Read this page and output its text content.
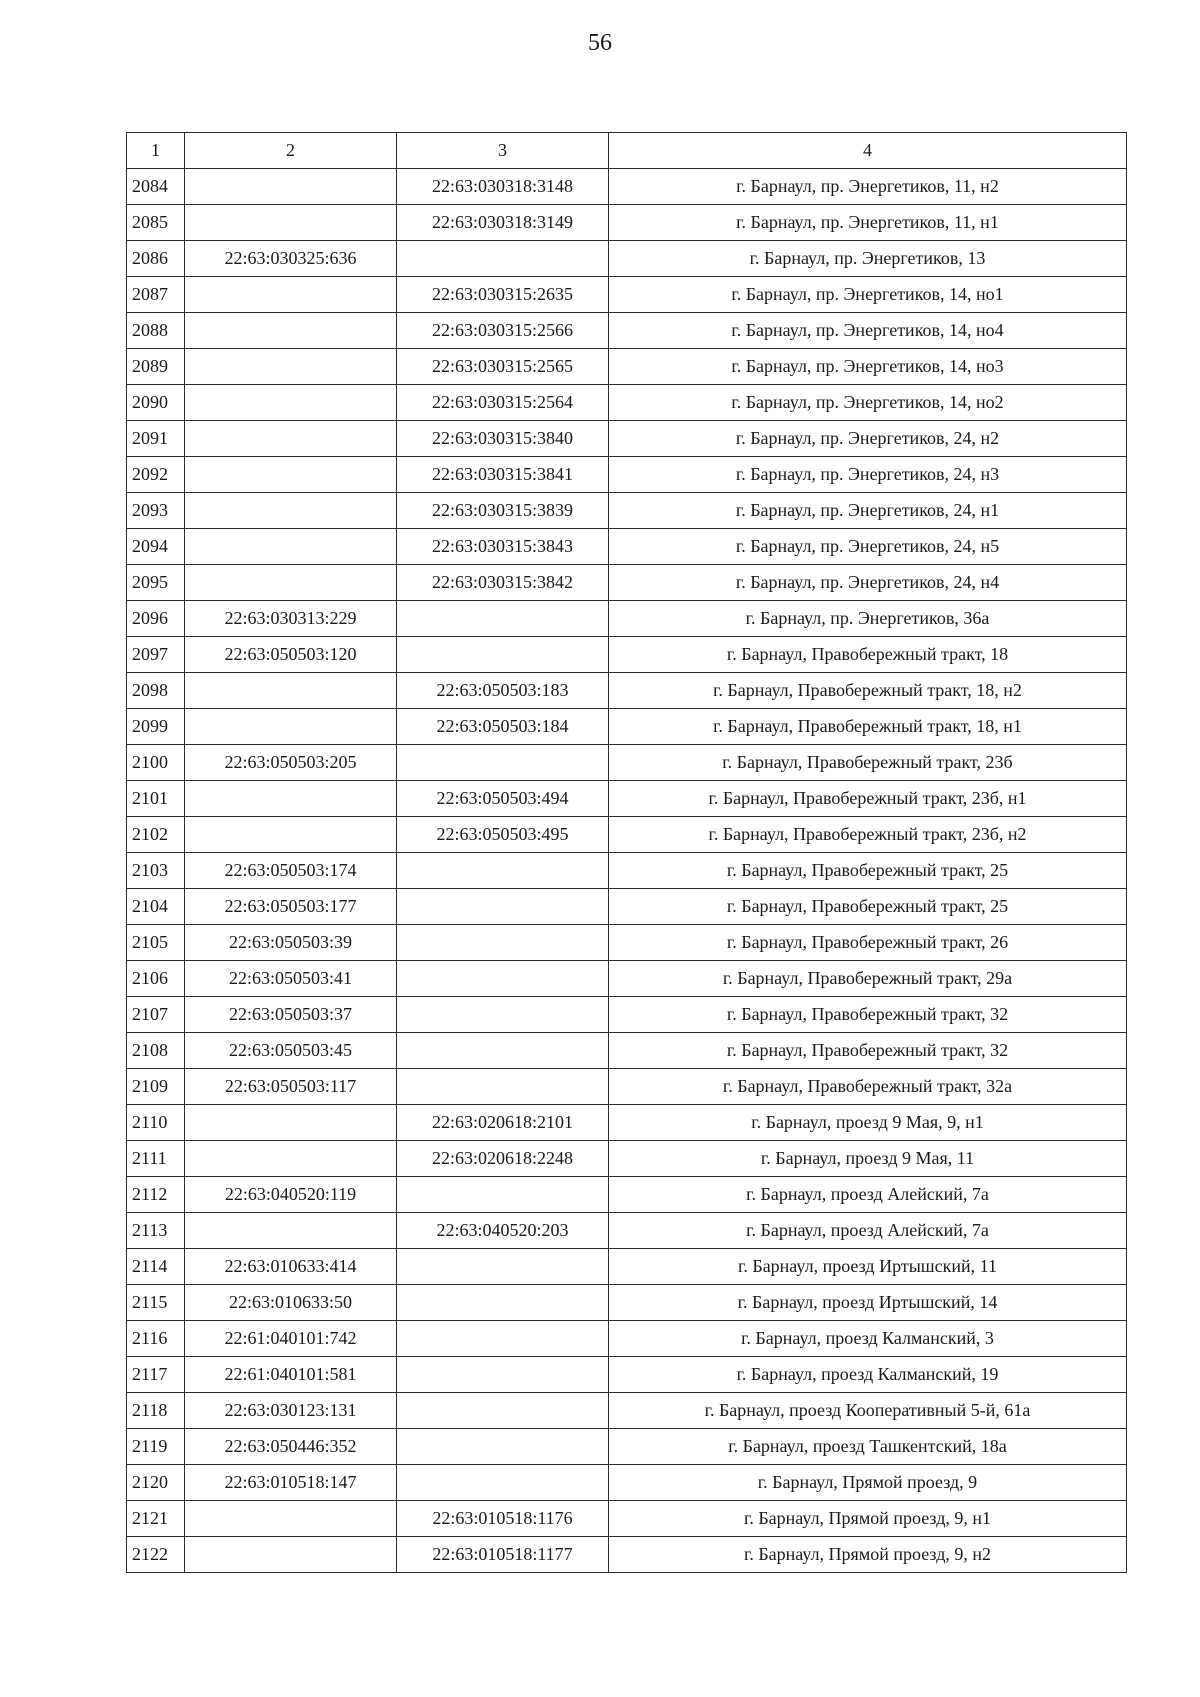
56
1	2	3	4
2084		22:63:030318:3148	г. Барнаул, пр. Энергетиков, 11, н2
2085		22:63:030318:3149	г. Барнаул, пр. Энергетиков, 11, н1
2086	22:63:030325:636		г. Барнаул, пр. Энергетиков, 13
2087		22:63:030315:2635	г. Барнаул, пр. Энергетиков, 14, но1
2088		22:63:030315:2566	г. Барнаул, пр. Энергетиков, 14, но4
2089		22:63:030315:2565	г. Барнаул, пр. Энергетиков, 14, но3
2090		22:63:030315:2564	г. Барнаул, пр. Энергетиков, 14, но2
2091		22:63:030315:3840	г. Барнаул, пр. Энергетиков, 24, н2
2092		22:63:030315:3841	г. Барнаул, пр. Энергетиков, 24, н3
2093		22:63:030315:3839	г. Барнаул, пр. Энергетиков, 24, н1
2094		22:63:030315:3843	г. Барнаул, пр. Энергетиков, 24, н5
2095		22:63:030315:3842	г. Барнаул, пр. Энергетиков, 24, н4
2096	22:63:030313:229		г. Барнаул, пр. Энергетиков, 36а
2097	22:63:050503:120		г. Барнаул, Правобережный тракт, 18
2098		22:63:050503:183	г. Барнаул, Правобережный тракт, 18, н2
2099		22:63:050503:184	г. Барнаул, Правобережный тракт, 18, н1
2100	22:63:050503:205		г. Барнаул, Правобережный тракт, 23б
2101		22:63:050503:494	г. Барнаул, Правобережный тракт, 23б, н1
2102		22:63:050503:495	г. Барнаул, Правобережный тракт, 23б, н2
2103	22:63:050503:174		г. Барнаул, Правобережный тракт, 25
2104	22:63:050503:177		г. Барнаул, Правобережный тракт, 25
2105	22:63:050503:39		г. Барнаул, Правобережный тракт, 26
2106	22:63:050503:41		г. Барнаул, Правобережный тракт, 29а
2107	22:63:050503:37		г. Барнаул, Правобережный тракт, 32
2108	22:63:050503:45		г. Барнаул, Правобережный тракт, 32
2109	22:63:050503:117		г. Барнаул, Правобережный тракт, 32а
2110		22:63:020618:2101	г. Барнаул, проезд 9 Мая, 9, н1
2111		22:63:020618:2248	г. Барнаул, проезд 9 Мая, 11
2112	22:63:040520:119		г. Барнаул, проезд Алейский, 7а
2113		22:63:040520:203	г. Барнаул, проезд Алейский, 7а
2114	22:63:010633:414		г. Барнаул, проезд Иртышский, 11
2115	22:63:010633:50		г. Барнаул, проезд Иртышский, 14
2116	22:61:040101:742		г. Барнаул, проезд Калманский, 3
2117	22:61:040101:581		г. Барнаул, проезд Калманский, 19
2118	22:63:030123:131		г. Барнаул, проезд Кооперативный 5-й, 61а
2119	22:63:050446:352		г. Барнаул, проезд Ташкентский, 18а
2120	22:63:010518:147		г. Барнаул, Прямой проезд, 9
2121		22:63:010518:1176	г. Барнаул, Прямой проезд, 9, н1
2122		22:63:010518:1177	г. Барнаул, Прямой проезд, 9, н2
